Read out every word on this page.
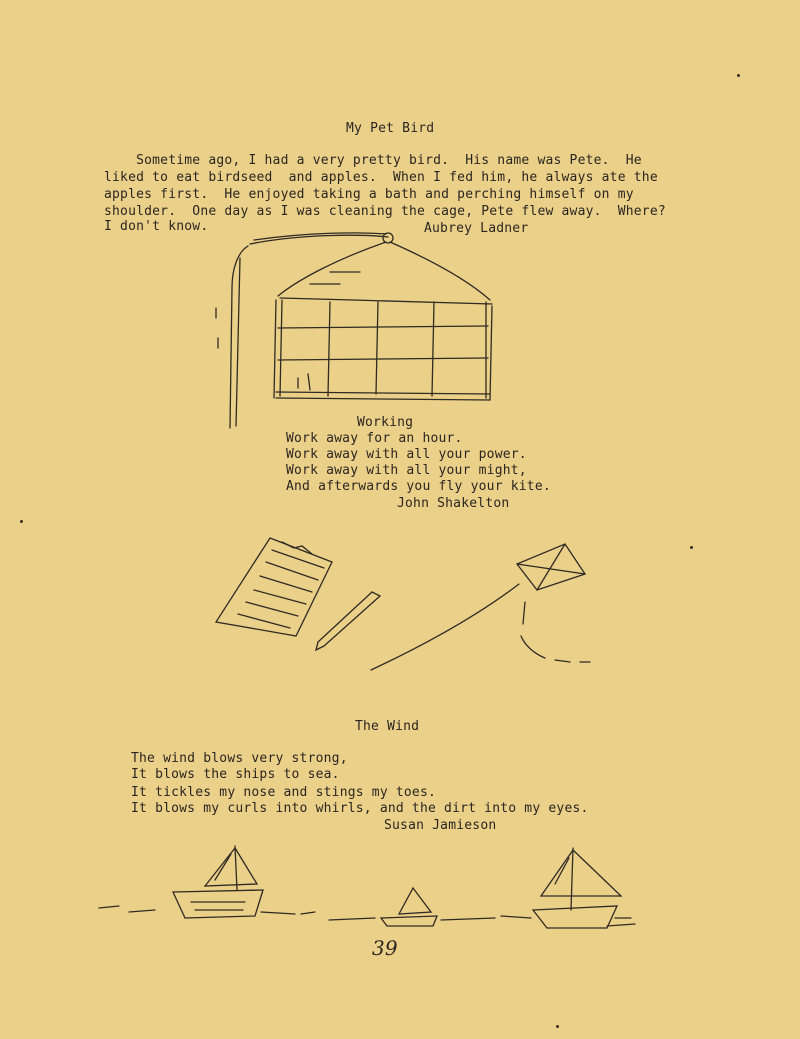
My Pet Bird
Sometime ago, I had a very pretty bird.  His name was Pete.  He
liked to eat birdseed  and apples.  When I fed him, he always ate the
apples first.  He enjoyed taking a bath and perching himself on my
shoulder.  One day as I was cleaning the cage, Pete flew away.  Where?
I don't know.	Aubrey Ladner
Working
Work away for an hour.
Work away with all your power.
Work away with all your might,
And afterwards you fly your kite.
John Shakelton
The Wind
The wind blows very strong,
It blows the ships to sea.
It tickles my nose and stings my toes.
It blows my curls into whirls, and the dirt into my eyes.
Susan Jamieson
39
